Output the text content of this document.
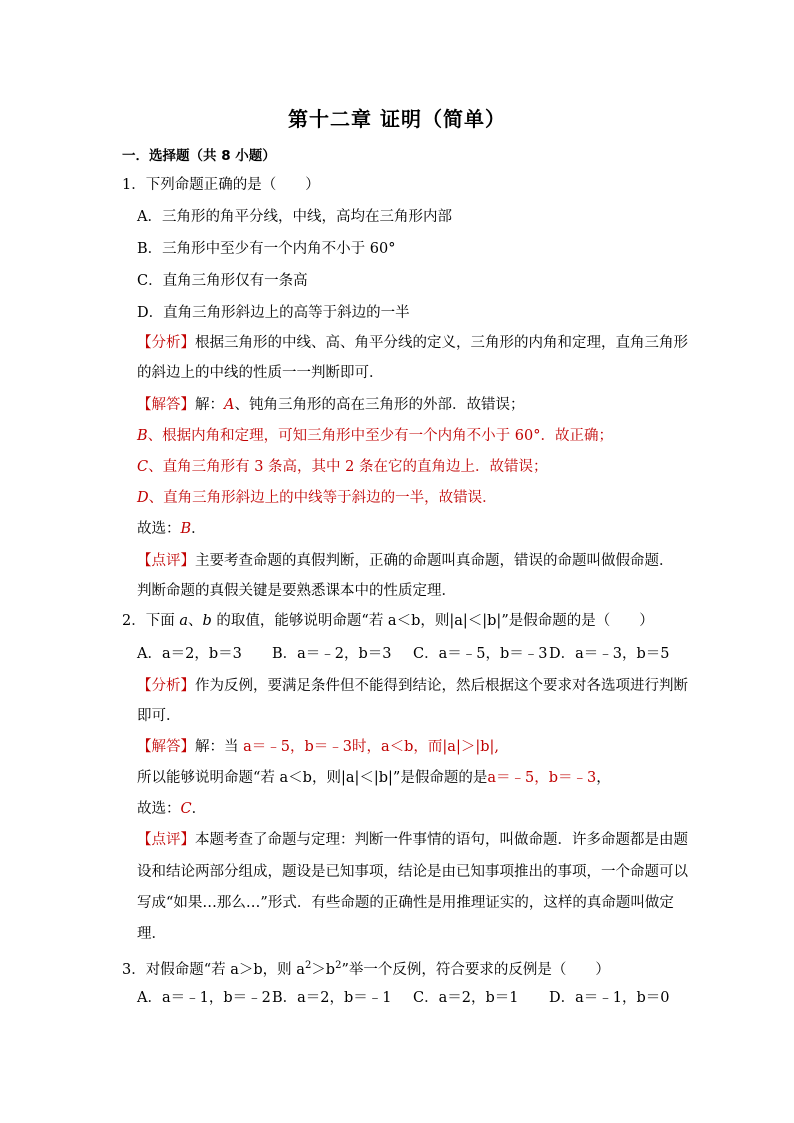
第十二章 证明（简单）
一．选择题（共 8 小题）
1．下列命题正确的是（　　）
A．三角形的角平分线，中线，高均在三角形内部
B．三角形中至少有一个内角不小于 60°
C．直角三角形仅有一条高
D．直角三角形斜边上的高等于斜边的一半
【分析】根据三角形的中线、高、角平分线的定义，三角形的内角和定理，直角三角形
的斜边上的中线的性质一一判断即可．
【解答】解：A、钝角三角形的高在三角形的外部．故错误；
B、根据内角和定理，可知三角形中至少有一个内角不小于 60°．故正确；
C、直角三角形有 3 条高，其中 2 条在它的直角边上．故错误；
D、直角三角形斜边上的中线等于斜边的一半，故错误．
故选：B．
【点评】主要考查命题的真假判断，正确的命题叫真命题，错误的命题叫做假命题．
判断命题的真假关键是要熟悉课本中的性质定理．
2．下面 a、b 的取值，能够说明命题“若 a＜b，则|a|＜|b|”是假命题的是（　　）
A．a＝2，b＝3 B．a＝﹣2，b＝3 C．a＝﹣5，b＝﹣3 D．a＝﹣3，b＝5
【分析】作为反例，要满足条件但不能得到结论，然后根据这个要求对各选项进行判断
即可．
【解答】解：当 a＝﹣5，b＝﹣3时，a＜b，而|a|＞|b|,
所以能够说明命题“若 a＜b，则|a|＜|b|”是假命题的是a＝﹣5，b＝﹣3，
故选：C．
【点评】本题考查了命题与定理：判断一件事情的语句，叫做命题．许多命题都是由题
设和结论两部分组成，题设是已知事项，结论是由已知事项推出的事项，一个命题可以
写成“如果…那么…”形式．有些命题的正确性是用推理证实的，这样的真命题叫做定
理．
3．对假命题“若 a＞b，则 $a^2>b^2$”举一个反例，符合要求的反例是（　　）
A．a＝﹣1，b＝﹣2 B．a＝2，b＝﹣1 C．a＝2，b＝1 D．a＝﹣1，b＝0
